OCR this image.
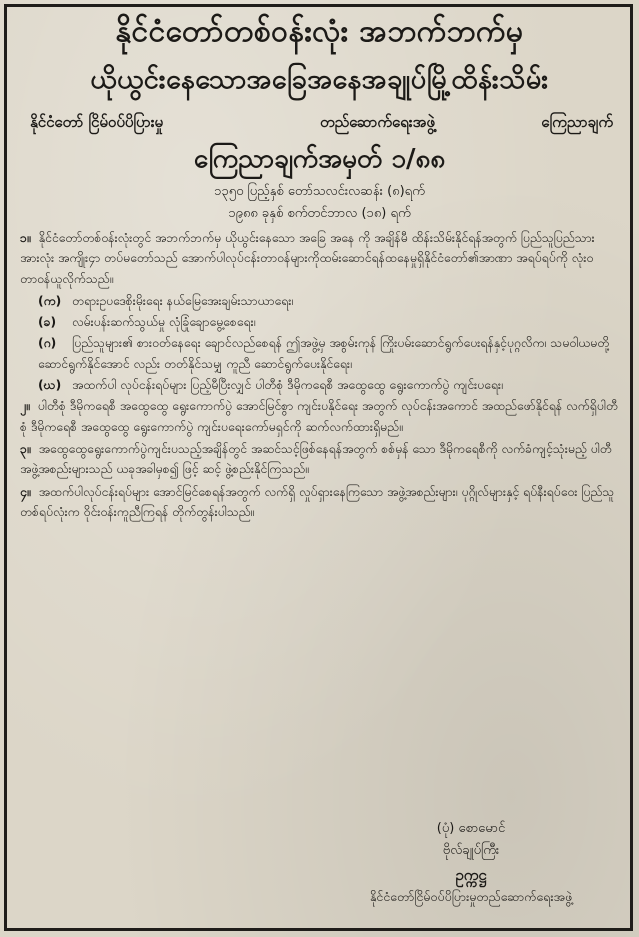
နိုင်ငံတော်တစ်ဝန်းလုံး အဘက်ဘက်မှ
ယိုယွင်းနေသောအခြေအနေအချုပ်မြို့ထိန်းသိမ်း
နိုင်ငံတော် ငြိမ်ဝပ်ပိပြားမှု	တည်ဆောက်ရေးအဖွဲ့	ကြေညာချက်
ကြေညာချက်အမှတ် ၁/၈၈
၁၃၅၀ ပြည့်နှစ် တော်သလင်းလဆန်း (၈)ရက်
၁၉၈၈ ခုနှစ် စက်တင်ဘာလ (၁၈) ရက်

၁။ နိုင်ငံတော်တစ်ဝန်းလုံးတွင် အဘက်ဘက်မှ ယိုယွင်းနေသော အခြေ အနေ ကို အချိန်မီ ထိန်းသိမ်းနိုင်ရန်အတွက် ပြည်သူပြည်သား အားလုံး အကျိုး၄ာ တပ်မတော်သည် အောက်ပါလုပ်ငန်းတာဝန်များကိုထမ်းဆောင်ရန်ထနေမှုရှိနိုင်ငံတော်၏အာဏာ အရပ်ရပ်ကို လုံးဝတာဝန်ယူလိုက်သည်။

(က) တရားဥပဒေစိုးမိုးရေး နယ်မြေအေးချမ်းသာယာရေး၊
(ခ) လမ်းပန်းဆက်သွယ်မှု လုံခြုံချောမွေ့စေရေး၊
(ဂ) ပြည်သူများ၏ စားဝတ်နေရေး ချောင်လည်စေရန် ဤအဖွဲ့မှ အစွမ်းကုန် ကြိုးပမ်းဆောင်ရွက်ပေးရန်နှင့်ပုဂ္ဂလိက၊ သမဝါယမတို့ ဆောင်ရွက်နိုင်အောင် လည်း တတ်နိုင်သမျှ ကူညီ ဆောင်ရွက်ပေးနိုင်ရေး၊
(ဃ) အထက်ပါ လုပ်ငန်းရပ်များ ပြည့်မီပြီးလျှင် ပါတီစုံ ဒီမိုကရေစီ အထွေထွေ ရွေးကောက်ပွဲ ကျင်းပရေး၊

၂။ ပါတီစုံ ဒီမိုကရေစီ အထွေထွေ ရွေးကောက်ပွဲ အောင်မြင်စွာ ကျင်းပနိုင်ရေး အတွက် လုပ်ငန်းအကောင် အထည်ဖော်နိုင်ရန် လက်ရှိပါတီစုံ ဒီမိုကရေစီ အထွေထွေ ရွေးကောက်ပွဲ ကျင်းပရေးကော်မရှင်ကို ဆက်လက်ထားရှိမည်။

၃။ အထွေထွေရွေးကောက်ပွဲကျင်းပသည့်အချိန်တွင် အဆင်သင့်ဖြစ်နေရန်အတွက် စစ်မှန် သော ဒီမိုကရေစီကို လက်ခံကျင့်သုံးမည့် ပါတီအဖွဲ့အစည်းများသည် ယခုအခါမှစ၍ ဖြင့် ဆင့် ဖွဲ့စည်းနိုင်ကြသည်။

၄။ အထက်ပါလုပ်ငန်းရပ်များ အောင်မြင်စေရန်အတွက် လက်ရှိ လှုပ်ရှားနေကြသော အဖွဲ့အစည်းများ၊ ပုဂ္ဂိုလ်များနှင့် ရပ်နီးရပ်ဝေး ပြည်သူတစ်ရပ်လုံးက ဝိုင်းဝန်းကူညီကြရန် တိုက်တွန်းပါသည်။

(ပုံ) စောမောင်
ဗိုလ်ချုပ်ကြီး
ဥက္ကဋ္ဌ
နိုင်ငံတော်ငြိမ်ဝပ်ပိပြားမှုတည်ဆောက်ရေးအဖွဲ့
